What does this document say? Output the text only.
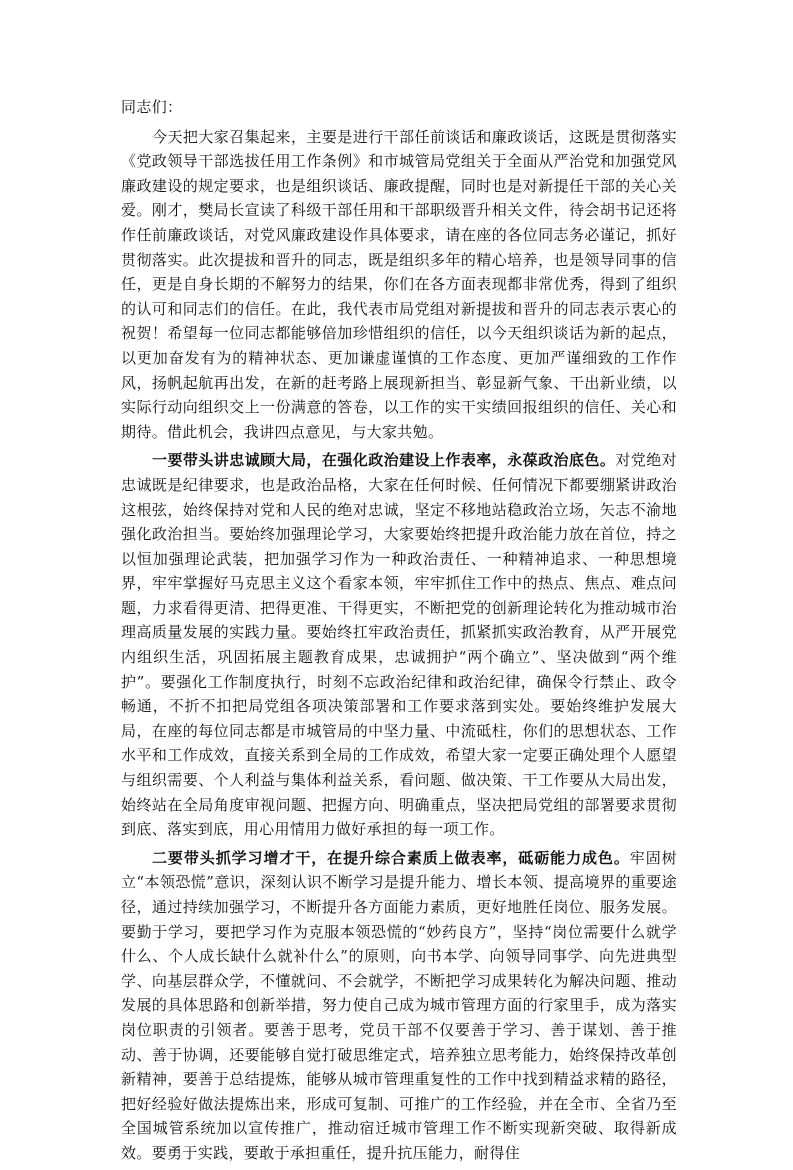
同志们：

今天把大家召集起来，主要是进行干部任前谈话和廉政谈话，这既是贯彻落实《党政领导干部选拔任用工作条例》和市城管局党组关于全面从严治党和加强党风廉政建设的规定要求，也是组织谈话、廉政提醒，同时也是对新提任干部的关心关爱。刚才，樊局长宣读了科级干部任用和干部职级晋升相关文件，待会胡书记还将作任前廉政谈话，对党风廉政建设作具体要求，请在座的各位同志务必谨记，抓好贯彻落实。此次提拔和晋升的同志，既是组织多年的精心培养，也是领导同事的信任，更是自身长期的不解努力的结果，你们在各方面表现都非常优秀，得到了组织的认可和同志们的信任。在此，我代表市局党组对新提拔和晋升的同志表示衷心的祝贺！希望每一位同志都能够倍加珍惜组织的信任，以今天组织谈话为新的起点，以更加奋发有为的精神状态、更加谦虚谨慎的工作态度、更加严谨细致的工作作风，扬帆起航再出发，在新的赶考路上展现新担当、彰显新气象、干出新业绩，以实际行动向组织交上一份满意的答卷，以工作的实干实绩回报组织的信任、关心和期待。借此机会，我讲四点意见，与大家共勉。

一要带头讲忠诚顾大局，在强化政治建设上作表率，永葆政治底色。对党绝对忠诚既是纪律要求，也是政治品格，大家在任何时候、任何情况下都要绷紧讲政治这根弦，始终保持对党和人民的绝对忠诚，坚定不移地站稳政治立场，矢志不渝地强化政治担当。要始终加强理论学习，大家要始终把提升政治能力放在首位，持之以恒加强理论武装，把加强学习作为一种政治责任、一种精神追求、一种思想境界，牢牢掌握好马克思主义这个看家本领，牢牢抓住工作中的热点、焦点、难点问题，力求看得更清、把得更准、干得更实，不断把党的创新理论转化为推动城市治理高质量发展的实践力量。要始终扛牢政治责任，抓紧抓实政治教育，从严开展党内组织生活，巩固拓展主题教育成果，忠诚拥护“两个确立”、坚决做到“两个维护”。要强化工作制度执行，时刻不忘政治纪律和政治纪律，确保令行禁止、政令畅通，不折不扣把局党组各项决策部署和工作要求落到实处。要始终维护发展大局，在座的每位同志都是市城管局的中坚力量、中流砥柱，你们的思想状态、工作水平和工作成效，直接关系到全局的工作成效，希望大家一定要正确处理个人愿望与组织需要、个人利益与集体利益关系，看问题、做决策、干工作要从大局出发，始终站在全局角度审视问题、把握方向、明确重点，坚决把局党组的部署要求贯彻到底、落实到底，用心用情用力做好承担的每一项工作。

二要带头抓学习增才干，在提升综合素质上做表率，砥砺能力成色。牢固树立“本领恐慌”意识，深刻认识不断学习是提升能力、增长本领、提高境界的重要途径，通过持续加强学习，不断提升各方面能力素质，更好地胜任岗位、服务发展。要勤于学习，要把学习作为克服本领恐慌的“妙药良方”，坚持“岗位需要什么就学什么、个人成长缺什么就补什么”的原则，向书本学、向领导同事学、向先进典型学、向基层群众学，不懂就问、不会就学，不断把学习成果转化为解决问题、推动发展的具体思路和创新举措，努力使自己成为城市管理方面的行家里手，成为落实岗位职责的引领者。要善于思考，党员干部不仅要善于学习、善于谋划、善于推动、善于协调，还要能够自觉打破思维定式，培养独立思考能力，始终保持改革创新精神，要善于总结提炼，能够从城市管理重复性的工作中找到精益求精的路径，把好经验好做法提炼出来，形成可复制、可推广的工作经验，并在全市、全省乃至全国城管系统加以宣传推广，推动宿迁城市管理工作不断实现新突破、取得新成效。要勇于实践，要敢于承担重任，提升抗压能力，耐得住
